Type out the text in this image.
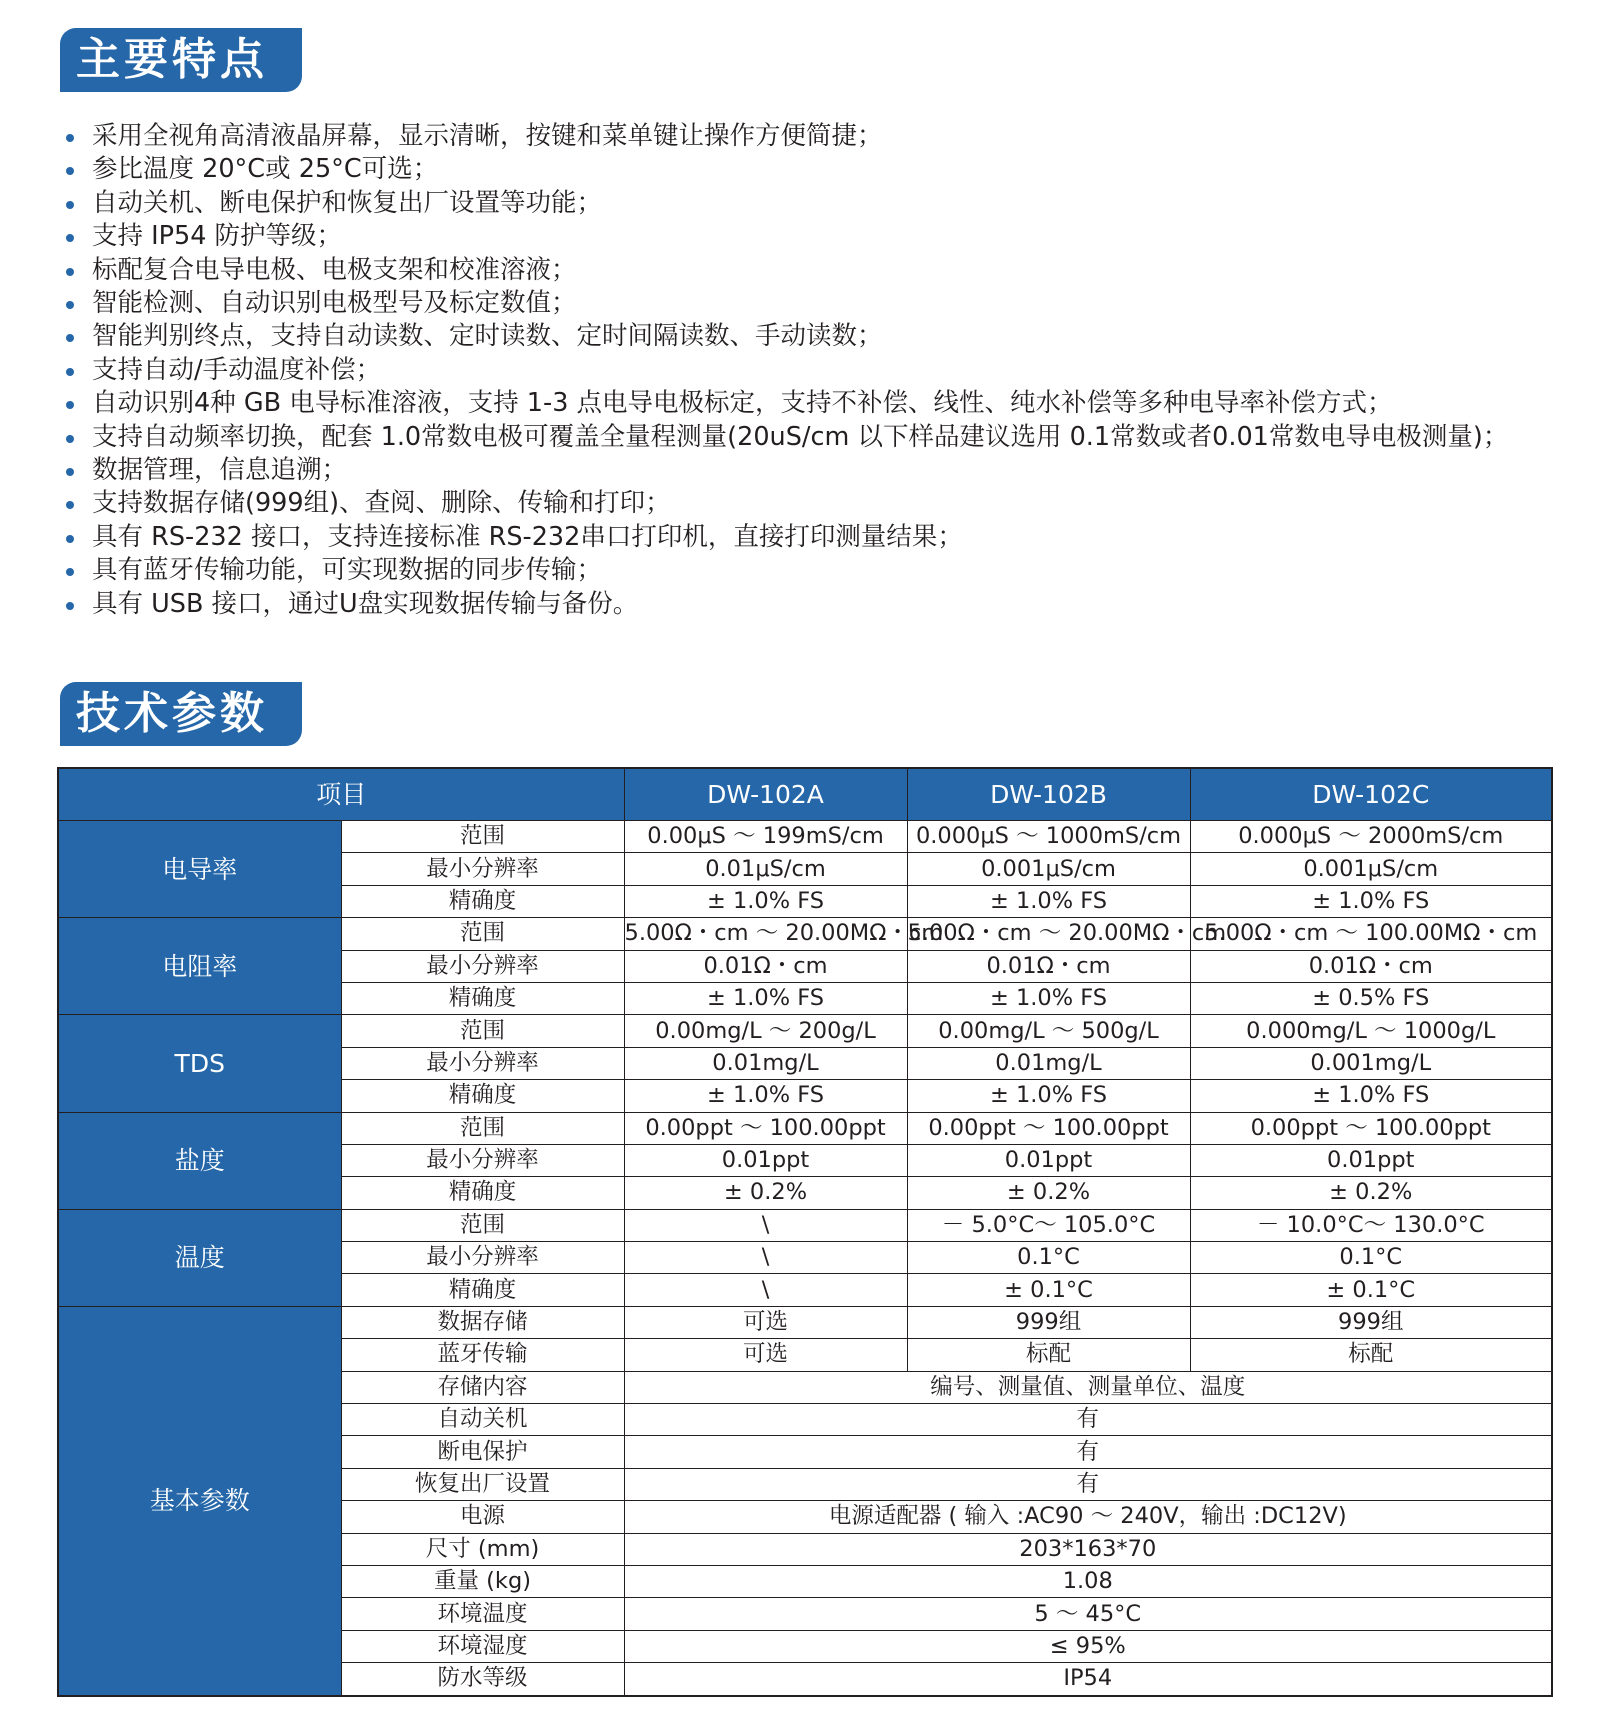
主要特点
采用全视角高清液晶屏幕，显示清晰，按键和菜单键让操作方便简捷；
参比温度 20°C或 25°C可选；
自动关机、断电保护和恢复出厂设置等功能；
支持 IP54 防护等级；
标配复合电导电极、电极支架和校准溶液；
智能检测、自动识别电极型号及标定数值；
智能判别终点，支持自动读数、定时读数、定时间隔读数、手动读数；
支持自动/手动温度补偿；
自动识别4种 GB 电导标准溶液，支持 1-3 点电导电极标定，支持不补偿、线性、纯水补偿等多种电导率补偿方式；
支持自动频率切换，配套 1.0常数电极可覆盖全量程测量(20uS/cm 以下样品建议选用 0.1常数或者0.01常数电导电极测量)；
数据管理，信息追溯；
支持数据存储(999组)、查阅、删除、传输和打印；
具有 RS-232 接口，支持连接标准 RS-232串口打印机，直接打印测量结果；
具有蓝牙传输功能，可实现数据的同步传输；
具有 USB 接口，通过U盘实现数据传输与备份。
技术参数
项目		DW-102A	DW-102B	DW-102C
电导率	范围	0.00μS ～ 199mS/cm	0.000μS ～ 1000mS/cm	0.000μS ～ 2000mS/cm
	最小分辨率	0.01μS/cm	0.001μS/cm	0.001μS/cm
	精确度	± 1.0% FS	± 1.0% FS	± 1.0% FS
电阻率	范围	5.00Ω・cm ～ 20.00MΩ・cm	5.00Ω・cm ～ 20.00MΩ・cm	5.00Ω・cm ～ 100.00MΩ・cm
	最小分辨率	0.01Ω・cm	0.01Ω・cm	0.01Ω・cm
	精确度	± 1.0% FS	± 1.0% FS	± 0.5% FS
TDS	范围	0.00mg/L ～ 200g/L	0.00mg/L ～ 500g/L	0.000mg/L ～ 1000g/L
	最小分辨率	0.01mg/L	0.01mg/L	0.001mg/L
	精确度	± 1.0% FS	± 1.0% FS	± 1.0% FS
盐度	范围	0.00ppt ～ 100.00ppt	0.00ppt ～ 100.00ppt	0.00ppt ～ 100.00ppt
	最小分辨率	0.01ppt	0.01ppt	0.01ppt
	精确度	± 0.2%	± 0.2%	± 0.2%
温度	范围	\	－ 5.0°C～ 105.0°C	－ 10.0°C～ 130.0°C
	最小分辨率	\	0.1°C	0.1°C
	精确度	\	± 0.1°C	± 0.1°C
基本参数	数据存储	可选	999组	999组
	蓝牙传输	可选	标配	标配
	存储内容	编号、测量值、测量单位、温度		
	自动关机	有		
	断电保护	有		
	恢复出厂设置	有		
	电源	电源适配器 ( 输入 :AC90 ～ 240V，输出 :DC12V)		
	尺寸 (mm)	203*163*70		
	重量 (kg)	1.08		
	环境温度	5 ～ 45°C		
	环境湿度	≤ 95%		
	防水等级	IP54		
